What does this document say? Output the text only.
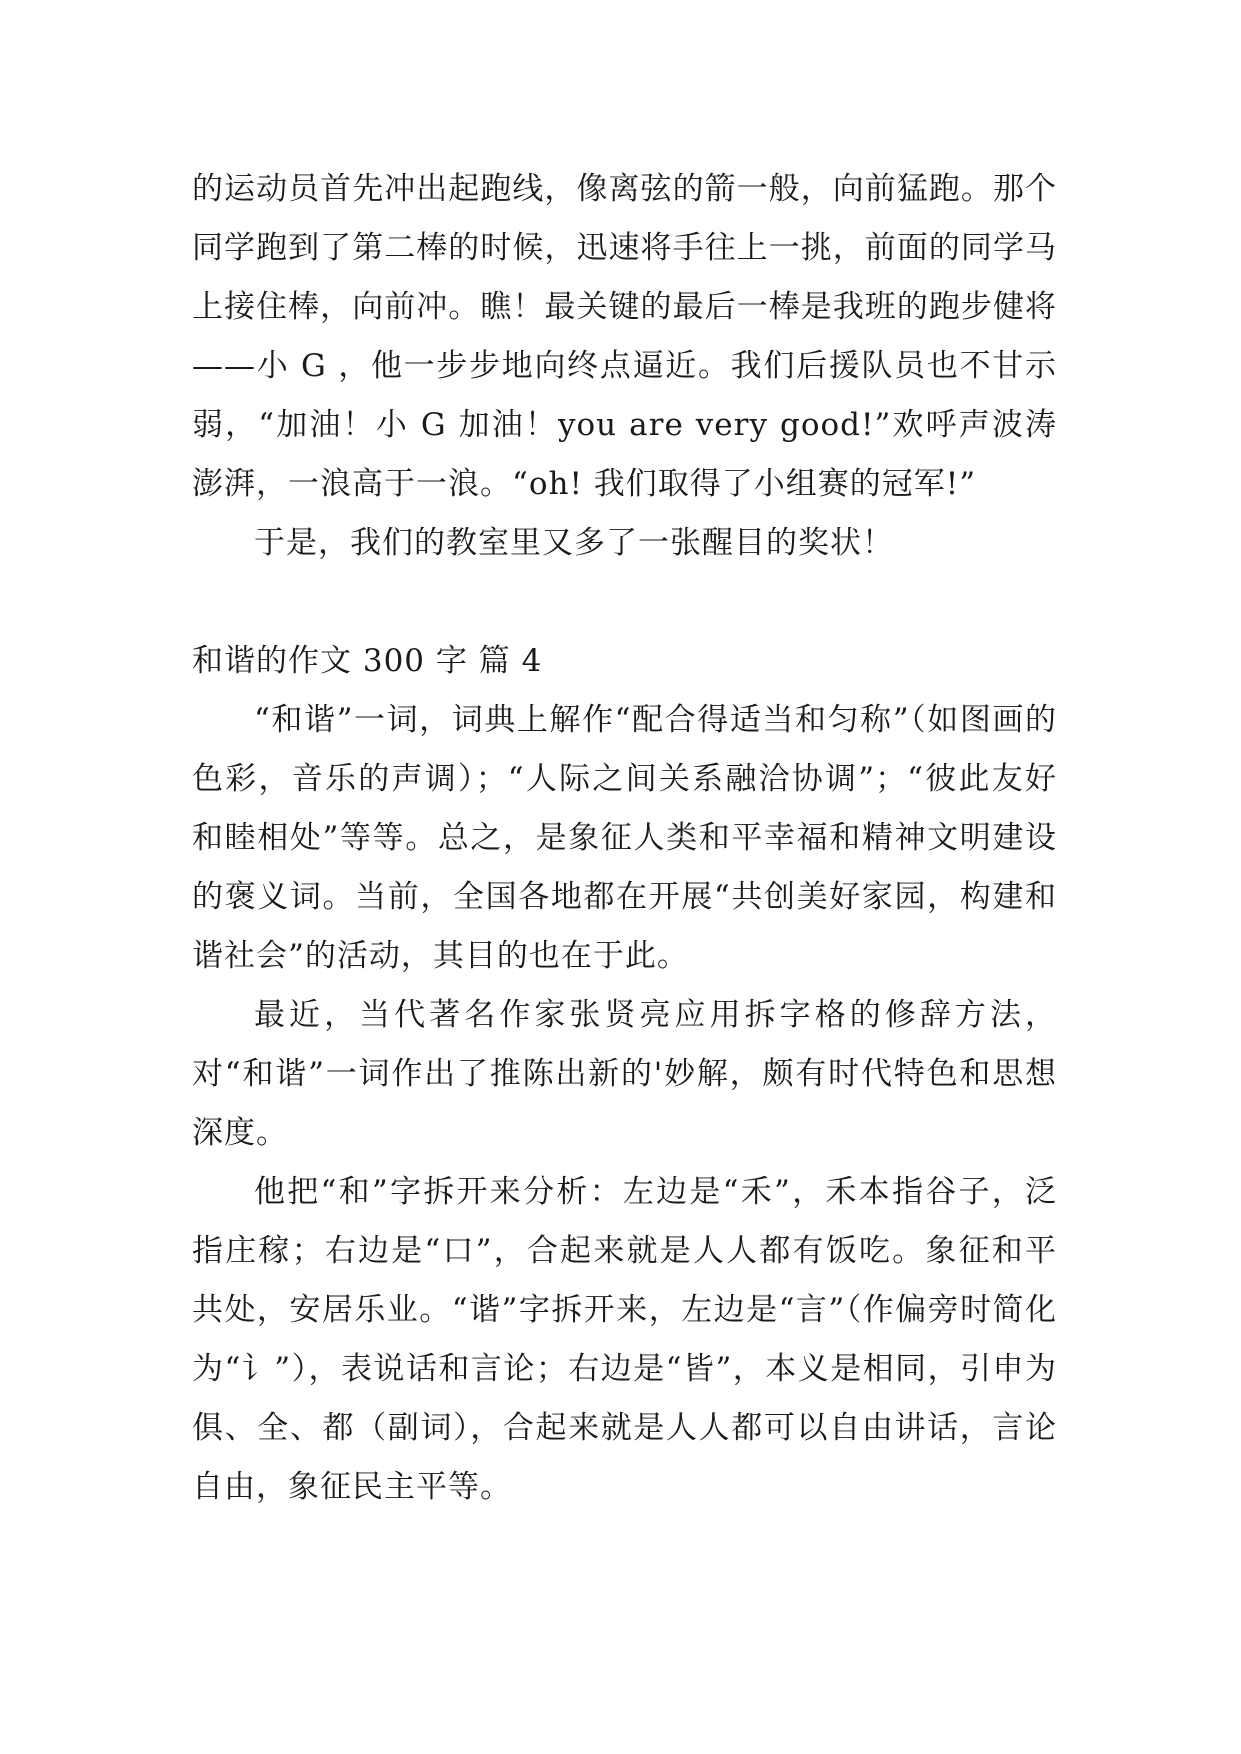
的运动员首先冲出起跑线，像离弦的箭一般，向前猛跑。那个同学跑到了第二棒的时候，迅速将手往上一挑，前面的同学马上接住棒，向前冲。瞧！最关键的最后一棒是我班的跑步健将——小 G ，他一步步地向终点逼近。我们后援队员也不甘示弱，“加油！小 G 加油！you are very good!”欢呼声波涛澎湃，一浪高于一浪。“oh! 我们取得了小组赛的冠军!”

于是，我们的教室里又多了一张醒目的奖状！

和谐的作文 300 字 篇 4

“和谐”一词，词典上解作“配合得适当和匀称”（如图画的色彩，音乐的声调）；“人际之间关系融洽协调”；“彼此友好和睦相处”等等。总之，是象征人类和平幸福和精神文明建设的褒义词。当前，全国各地都在开展“共创美好家园，构建和谐社会”的活动，其目的也在于此。

最近，当代著名作家张贤亮应用拆字格的修辞方法，对“和谐”一词作出了推陈出新的'妙解，颇有时代特色和思想深度。

他把“和”字拆开来分析：左边是“禾”，禾本指谷子，泛指庄稼；右边是“口”，合起来就是人人都有饭吃。象征和平共处，安居乐业。“谐”字拆开来，左边是“言”（作偏旁时简化为“讠”），表说话和言论；右边是“皆”，本义是相同，引申为俱、全、都（副词），合起来就是人人都可以自由讲话，言论自由，象征民主平等。
